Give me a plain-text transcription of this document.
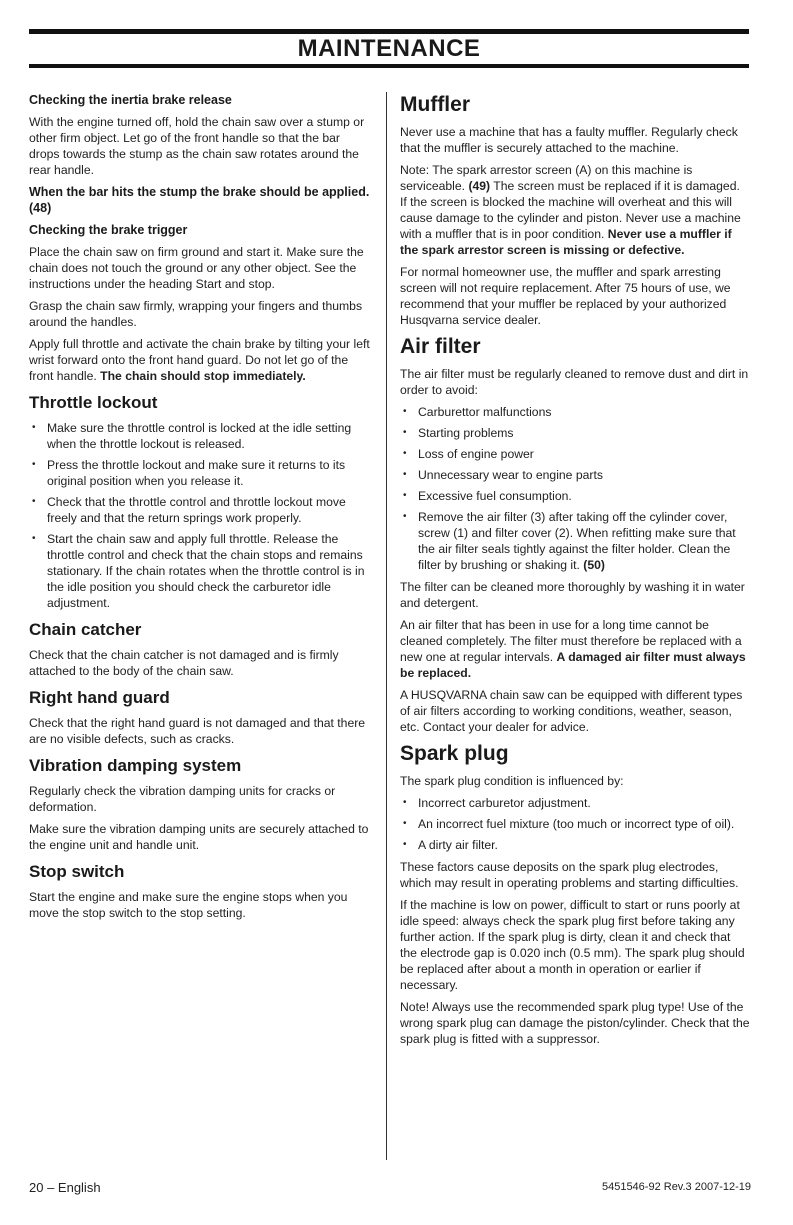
MAINTENANCE
Checking the inertia brake release

With the engine turned off, hold the chain saw over a stump or other firm object. Let go of the front handle so that the bar drops towards the stump as the chain saw rotates around the rear handle.

When the bar hits the stump the brake should be applied. (48)
Checking the brake trigger

Place the chain saw on firm ground and start it. Make sure the chain does not touch the ground or any other object. See the instructions under the heading Start and stop.

Grasp the chain saw firmly, wrapping your fingers and thumbs around the handles.

Apply full throttle and activate the chain brake by tilting your left wrist forward onto the front hand guard. Do not let go of the front handle. The chain should stop immediately.

Throttle lockout
• Make sure the throttle control is locked at the idle setting when the throttle lockout is released.
• Press the throttle lockout and make sure it returns to its original position when you release it.
• Check that the throttle control and throttle lockout move freely and that the return springs work properly.
• Start the chain saw and apply full throttle. Release the throttle control and check that the chain stops and remains stationary. If the chain rotates when the throttle control is in the idle position you should check the carburetor idle adjustment.
Chain catcher

Check that the chain catcher is not damaged and is firmly attached to the body of the chain saw.

Right hand guard

Check that the right hand guard is not damaged and that there are no visible defects, such as cracks.

Vibration damping system

Regularly check the vibration damping units for cracks or deformation.

Make sure the vibration damping units are securely attached to the engine unit and handle unit.

Stop switch

Start the engine and make sure the engine stops when you move the stop switch to the stop setting.

Muffler

Never use a machine that has a faulty muffler. Regularly check that the muffler is securely attached to the machine.

Note: The spark arrestor screen (A) on this machine is serviceable. (49) The screen must be replaced if it is damaged. If the screen is blocked the machine will overheat and this will cause damage to the cylinder and piston. Never use a machine with a muffler that is in poor condition. Never use a muffler if the spark arrestor screen is missing or defective.

For normal homeowner use, the muffler and spark arresting screen will not require replacement. After 75 hours of use, we recommend that your muffler be replaced by your authorized Husqvarna service dealer.

Air filter

The air filter must be regularly cleaned to remove dust and dirt in order to avoid:

• Carburettor malfunctions
• Starting problems
• Loss of engine power
• Unnecessary wear to engine parts
• Excessive fuel consumption.
• Remove the air filter (3) after taking off the cylinder cover, screw (1) and filter cover (2). When refitting make sure that the air filter seals tightly against the filter holder. Clean the filter by brushing or shaking it. (50)

The filter can be cleaned more thoroughly by washing it in water and detergent.

An air filter that has been in use for a long time cannot be cleaned completely. The filter must therefore be replaced with a new one at regular intervals. A damaged air filter must always be replaced.

A HUSQVARNA chain saw can be equipped with different types of air filters according to working conditions, weather, season, etc. Contact your dealer for advice.

Spark plug

The spark plug condition is influenced by:

• Incorrect carburetor adjustment.
• An incorrect fuel mixture (too much or incorrect type of oil).
• A dirty air filter.

These factors cause deposits on the spark plug electrodes, which may result in operating problems and starting difficulties.

If the machine is low on power, difficult to start or runs poorly at idle speed: always check the spark plug first before taking any further action. If the spark plug is dirty, clean it and check that the electrode gap is 0.020 inch (0.5 mm). The spark plug should be replaced after about a month in operation or earlier if necessary.

Note! Always use the recommended spark plug type! Use of the wrong spark plug can damage the piston/cylinder. Check that the spark plug is fitted with a suppressor.

20 – English	5451546-92 Rev.3 2007-12-19
